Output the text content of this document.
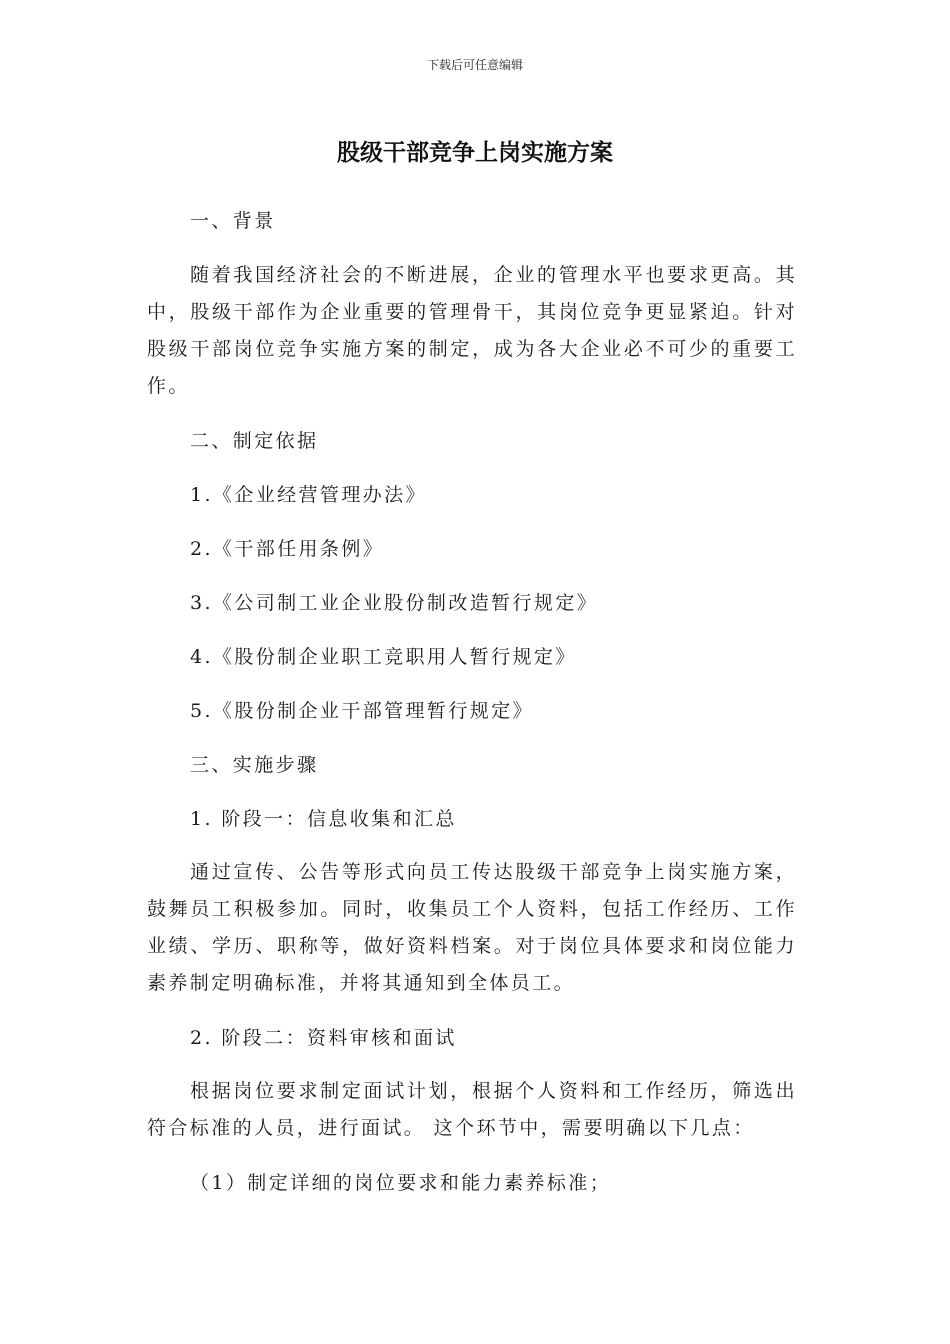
下载后可任意编辑
股级干部竞争上岗实施方案

一、背景

随着我国经济社会的不断进展，企业的管理水平也要求更高。其中，股级干部作为企业重要的管理骨干，其岗位竞争更显紧迫。针对股级干部岗位竞争实施方案的制定，成为各大企业必不可少的重要工作。

二、制定依据

1.《企业经营管理办法》

2.《干部任用条例》

3.《公司制工业企业股份制改造暂行规定》

4.《股份制企业职工竞职用人暂行规定》

5.《股份制企业干部管理暂行规定》

三、实施步骤

1. 阶段一：信息收集和汇总

通过宣传、公告等形式向员工传达股级干部竞争上岗实施方案，鼓舞员工积极参加。同时，收集员工个人资料，包括工作经历、工作业绩、学历、职称等，做好资料档案。对于岗位具体要求和岗位能力素养制定明确标准，并将其通知到全体员工。

2. 阶段二：资料审核和面试

根据岗位要求制定面试计划，根据个人资料和工作经历，筛选出符合标准的人员，进行面试。 这个环节中，需要明确以下几点：

（1）制定详细的岗位要求和能力素养标准；
